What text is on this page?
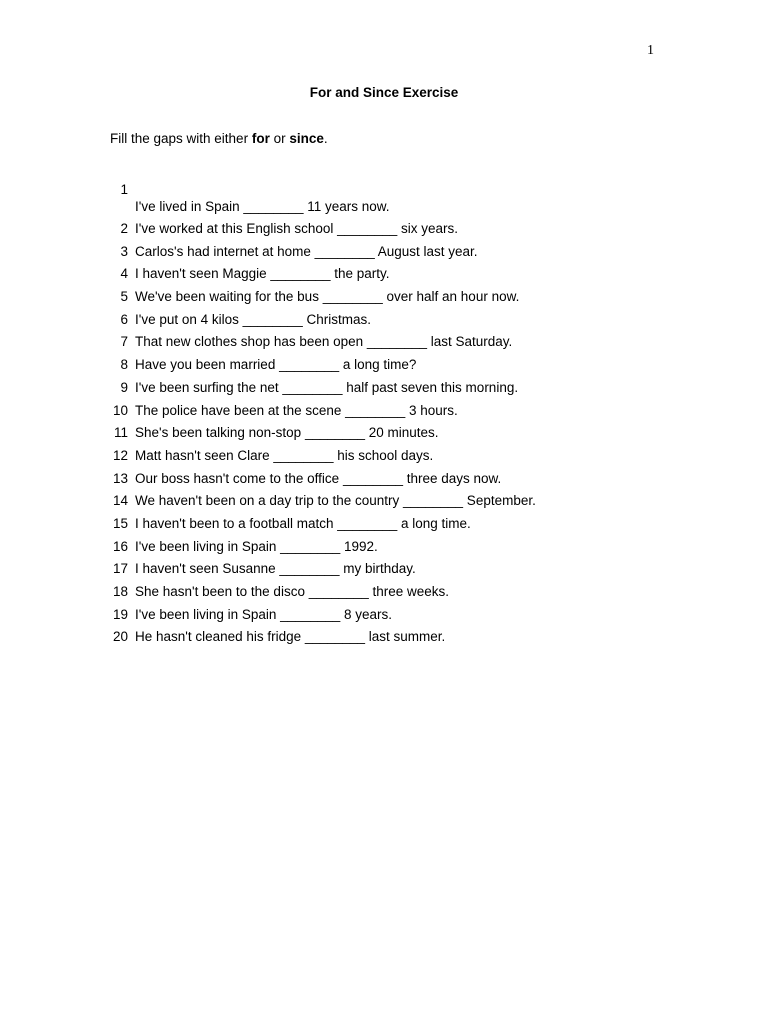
1
For and Since Exercise
Fill the gaps with either for or since.
1
I've lived in Spain ________ 11 years now.
2 I've worked at this English school ________ six years.
3 Carlos's had internet at home ________ August last year.
4 I haven't seen Maggie ________ the party.
5 We've been waiting for the bus ________ over half an hour now.
6 I've put on 4 kilos ________ Christmas.
7 That new clothes shop has been open ________ last Saturday.
8 Have you been married ________ a long time?
9 I've been surfing the net ________ half past seven this morning.
10 The police have been at the scene ________ 3 hours.
11 She's been talking non-stop ________ 20 minutes.
12 Matt hasn't seen Clare ________ his school days.
13 Our boss hasn't come to the office ________ three days now.
14 We haven't been on a day trip to the country ________ September.
15 I haven't been to a football match ________ a long time.
16 I've been living in Spain ________ 1992.
17 I haven't seen Susanne ________ my birthday.
18 She hasn't been to the disco ________ three weeks.
19 I've been living in Spain ________ 8 years.
20 He hasn't cleaned his fridge ________ last summer.
